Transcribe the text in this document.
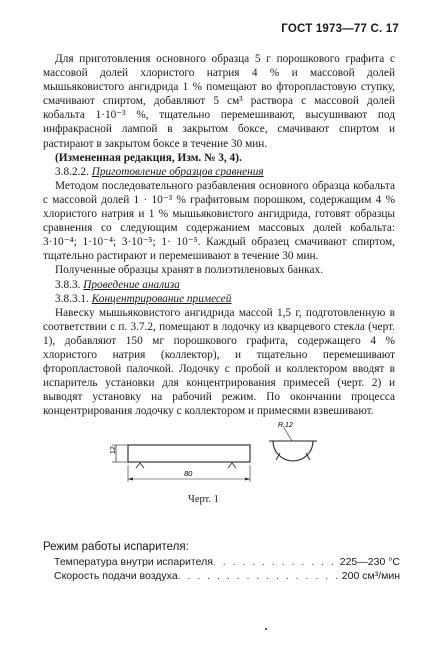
ГОСТ 1973—77 С. 17

Для приготовления основного образца 5 г порошкового графита с массовой долей хлористого натрия 4 % и массовой долей мышьяковистого ангидрида 1 % помещают во фторопластовую ступку, смачивают спиртом, добавляют 5 см³ раствора с массовой долей кобальта 1·10⁻³ %, тщательно перемешивают, высушивают под инфракрасной лампой в закрытом боксе, смачивают спиртом и растирают в закрытом боксе в течение 30 мин.

(Измененная редакция, Изм. № 3, 4).

3.8.2.2. Приготовление образцов сравнения

Методом последовательного разбавления основного образца кобальта с массовой долей 1 · 10⁻³ % графитовым порошком, содержащим 4 % хлористого натрия и 1 % мышьяковистого ангидрида, готовят образцы сравнения со следующим содержанием массовых долей кобальта: 3·10⁻⁴; 1·10⁻⁴; 3·10⁻⁵; 1· 10⁻⁵. Каждый образец смачивают спиртом, тщательно растирают и перемешивают в течение 30 мин.

Полученные образцы хранят в полиэтиленовых банках.

3.8.3. Проведение анализа

3.8.3.1. Концентрирование примесей

Навеску мышьяковистого ангидрида массой 1,5 г, подготовленную в соответствии с п. 3.7.2, помещают в лодочку из кварцевого стекла (черт. 1), добавляют 150 мг порошкового графита, содержащего 4 % хлористого натрия (коллектор), и тщательно перемешивают фторопластовой палочкой. Лодочку с пробой и коллектором вводят в испаритель установки для концентрирования примесей (черт. 2) и выводят установку на рабочий режим. По окончании процесса концентрирования лодочку с коллектором и примесями взвешивают.

12
80
R 12
Черт. 1
Режим работы испарителя:
Температура внутри испарителя . . .	225—230 °С
Скорость подачи воздуха . . .	200 см³/мин
